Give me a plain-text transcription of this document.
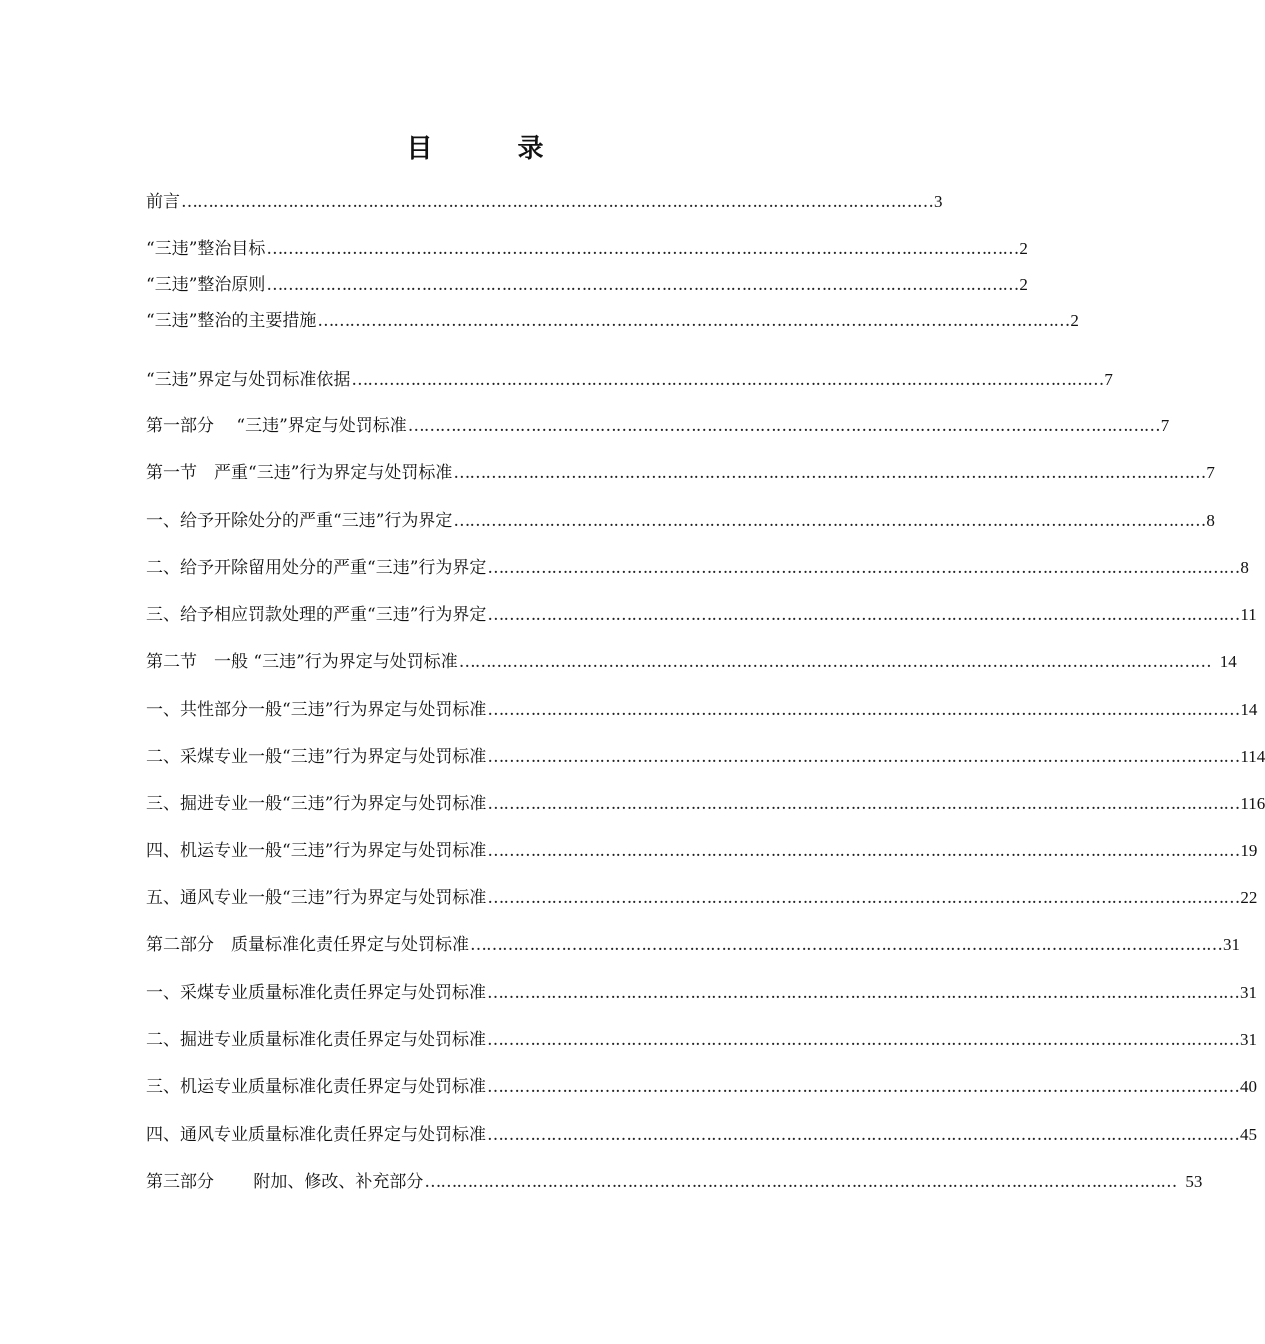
目 录
前言 …………………………………………………………………………………………………………………………… 3
“三违”整治目标 …………………………………………………………………………………………………………………………… 2
“三违”整治原则 …………………………………………………………………………………………………………………………… 2
“三违”整治的主要措施 …………………………………………………………………………………………………………………………… 2
“三违”界定与处罚标准依据 …………………………………………………………………………………………………………………………… 7
第一部分　 “三违”界定与处罚标准 …………………………………………………………………………………………………………………………… 7
第一节　严重“三违”行为界定与处罚标准 …………………………………………………………………………………………………………………………… 7
一、给予开除处分的严重“三违”行为界定 …………………………………………………………………………………………………………………………… 8
二、给予开除留用处分的严重“三违”行为界定 …………………………………………………………………………………………………………………………… 8
三、给予相应罚款处理的严重“三违”行为界定 …………………………………………………………………………………………………………………………… 11
第二节　一般 “三违”行为界定与处罚标准 …………………………………………………………………………………………………………………………… 14
一、共性部分一般“三违”行为界定与处罚标准 …………………………………………………………………………………………………………………………… 14
二、采煤专业一般“三违”行为界定与处罚标准 …………………………………………………………………………………………………………………………… 114
三、掘进专业一般“三违”行为界定与处罚标准 …………………………………………………………………………………………………………………………… 116
四、机运专业一般“三违”行为界定与处罚标准 …………………………………………………………………………………………………………………………… 19
五、通风专业一般“三违”行为界定与处罚标准 …………………………………………………………………………………………………………………………… 22
第二部分　质量标准化责任界定与处罚标准 …………………………………………………………………………………………………………………………… 31
一、采煤专业质量标准化责任界定与处罚标准 …………………………………………………………………………………………………………………………… 31
二、掘进专业质量标准化责任界定与处罚标准 …………………………………………………………………………………………………………………………… 31
三、机运专业质量标准化责任界定与处罚标准 …………………………………………………………………………………………………………………………… 40
四、通风专业质量标准化责任界定与处罚标准 …………………………………………………………………………………………………………………………… 45
第三部分　　 附加、修改、补充部分 …………………………………………………………………………………………………………………………… 53
